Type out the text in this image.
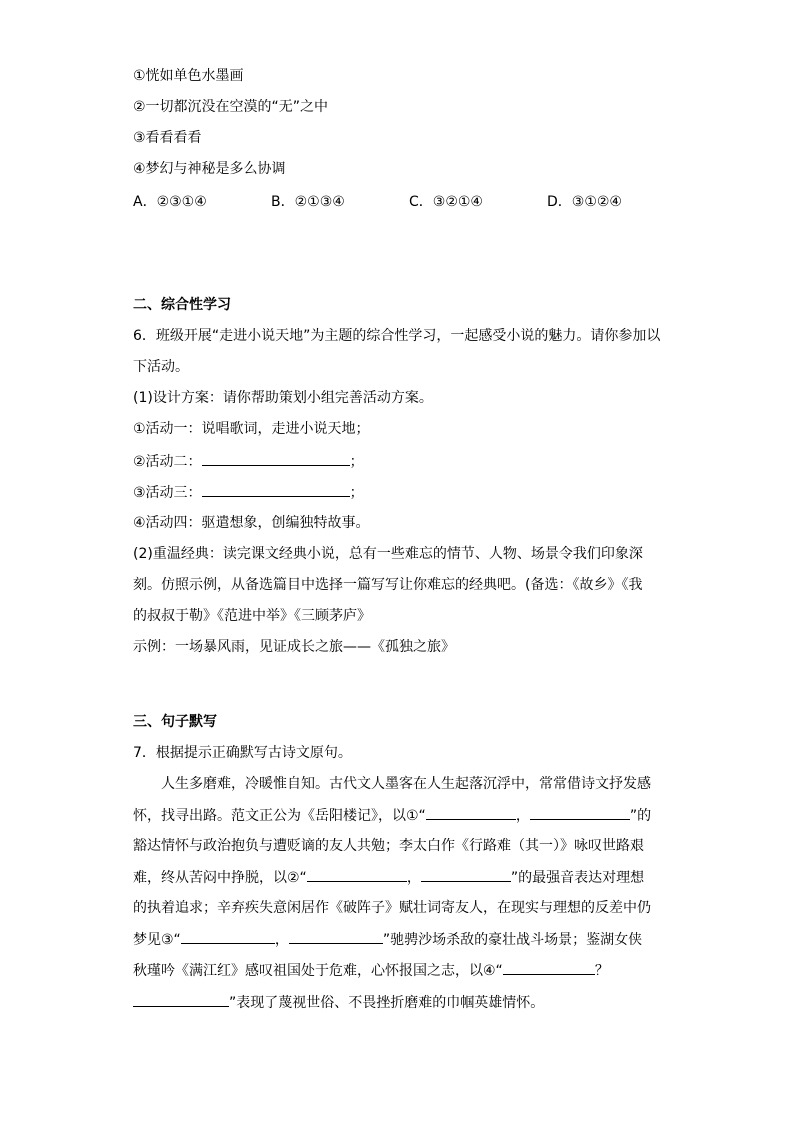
①恍如单色水墨画
②一切都沉没在空漠的“无”之中
③看看看看
④梦幻与神秘是多么协调
A．②③①④	B．②①③④	C．③②①④	D．③①②④
二、综合性学习
6．班级开展“走进小说天地”为主题的综合性学习，一起感受小说的魅力。请你参加以
下活动。
(1)设计方案：请你帮助策划小组完善活动方案。
①活动一：说唱歌词，走进小说天地；
②活动二：	；
③活动三：	；
④活动四：驱遣想象，创编独特故事。
(2)重温经典：读完课文经典小说，总有一些难忘的情节、人物、场景令我们印象深
刻。仿照示例，从备选篇目中选择一篇写写让你难忘的经典吧。(备选：《故乡》《我
的叔叔于勒》《范进中举》《三顾茅庐》
示例：一场暴风雨，见证成长之旅——《孤独之旅》
三、句子默写
7．根据提示正确默写古诗文原句。
人生多磨难，冷暖惟自知。古代文人墨客在人生起落沉浮中，常常借诗文抒发感
怀，找寻出路。范文正公为《岳阳楼记》，以①“	，	”的
豁达情怀与政治抱负与遭贬谪的友人共勉；李太白作《行路难（其一）》咏叹世路艰
难，终从苦闷中挣脱，以②“	，	”的最强音表达对理想
的执着追求；辛弃疾失意闲居作《破阵子》赋壮词寄友人，在现实与理想的反差中仍
梦见③“	，	”驰骋沙场杀敌的豪壮战斗场景；鉴湖女侠
秋瑾吟《满江红》感叹祖国处于危难，心怀报国之志，以④“	？
”表现了蔑视世俗、不畏挫折磨难的巾帼英雄情怀。
